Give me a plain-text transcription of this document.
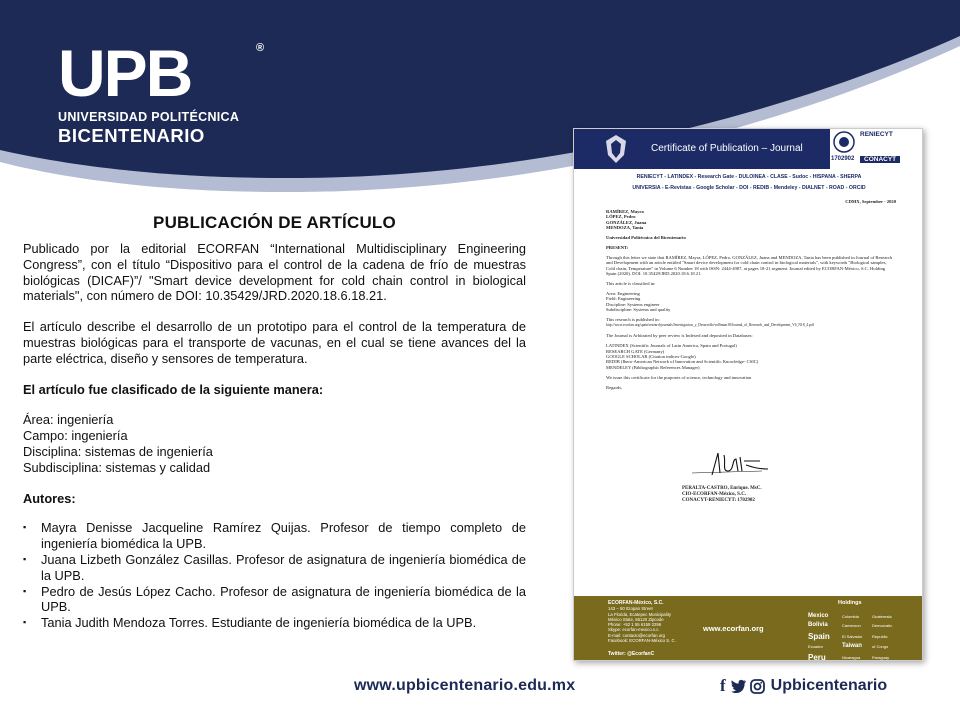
UPB	®
UNIVERSIDAD POLITÉCNICA
BICENTENARIO
PUBLICACIÓN DE ARTÍCULO

Publicado por la editorial ECORFAN “International Multidisciplinary Engineering Congress”, con el título “Dispositivo para el control de la cadena de frío de muestras biológicas (DICAF)”/ "Smart device development for cold chain control in biological materials", con número de DOI: 10.35429/JRD.2020.18.6.18.21.

El artículo describe el desarrollo de un prototipo para el control de la temperatura de muestras biológicas para el transporte de vacunas, en el cual se tiene avances del la parte eléctrica, diseño y sensores de temperatura.

El artículo fue clasificado de la siguiente manera:

Área: ingeniería

Campo: ingeniería

Disciplina: sistemas de ingeniería

Subdisciplina: sistemas y calidad

Autores:

▪ Mayra Denisse Jacqueline Ramírez Quijas. Profesor de tiempo completo de ingeniería biomédica la UPB.
▪ Juana Lizbeth González Casillas. Profesor de asignatura de ingeniería biomédica de la UPB.
▪ Pedro de Jesús López Cacho. Profesor de asignatura de ingeniería biomédica de la UPB.
▪ Tania Judith Mendoza Torres. Estudiante de ingeniería biomédica de la UPB.
Certificate of Publication – Journal
RENIECYT
1702902	CONACYT
RENIECYT - LATINDEX - Research Gate - DULOINEA - CLASE - Sudoc - HISPANA - SHERPA
UNIVERSIA - E-Revistas - Google Scholar - DOI - REDIB - Mendeley - DIALNET - ROAD - ORCID

CDMX, September - 2020

RAMÍREZ, Mayra
LÓPEZ, Pedro
GONZÁLEZ, Juana
MENDOZA, Tania

Universidad Politécnica del Bicentenario

PRESENT:

Through this letter we state that RAMÍREZ, Mayra, LÓPEZ, Pedro, GONZÁLEZ, Juana and MENDOZA, Tania has been published in Journal of Research and Development with an article entitled "Smart device development for cold chain control in biological materials", with keywords "Biological samples, Cold chain, Temperature" in Volume 6 Number 18 with ISSN: 2444-4987, at pages 18-21 segment. Journal edited by ECORFAN-México, S.C. Holding Spain (2020). DOI: 10.35429/JRD.2020.18.6.18.21.

This article is classified in:

Area: Engineering
Field: Engineering
Discipline: Systems engineer
Subdiscipline: Systems and quality

This research is published in:
http://www.ecorfan.org/spain/researchjournals/Investigacion_y_Desarrollo/vol6num18/Journal_of_Research_and_Development_V6_N18_4.pdf

The Journal is Arbitrated by peer review is Indexed and deposited in Databases:

LATINDEX (Scientific Journals of Latin America, Spain and Portugal)
RESEARCH GATE (Germany)
GOOGLE SCHOLAR (Citation indices-Google)
REDIB (Ibero-American Network of Innovation and Scientific Knowledge- CSIC)
MENDELEY (Bibliographic References Manager)

We issue this certificate for the purposes of science, technology and innovation

Regards,

PERALTA-CASTRO, Enrique. MsC.
CIO-ECORFAN-México, S.C.
CONACYT-RENIECYT: 1702902
ECORFAN-México, S.C.
143 – 50 Itzopan Street
La Florida, Ecatepec Municipality
México State, 55120 Zipcode
Phone: +52 1 55 6159 2296
Skype: ecorfan-mexico.s.c.
E-mail: contacto@ecorfan.org
Facebook: ECORFAN-México S. C.
Twitter: @EcorfanC
www.ecorfan.org
Holdings
Mexico	Colombia	Guatemala
Bolivia	Cameroon	Democratic
Spain	El Salvador Republic
Ecuador	Taiwan	of Congo
Peru	Nicaragua	Paraguay
www.upbicentenario.edu.mx	f	Upbicentenario
